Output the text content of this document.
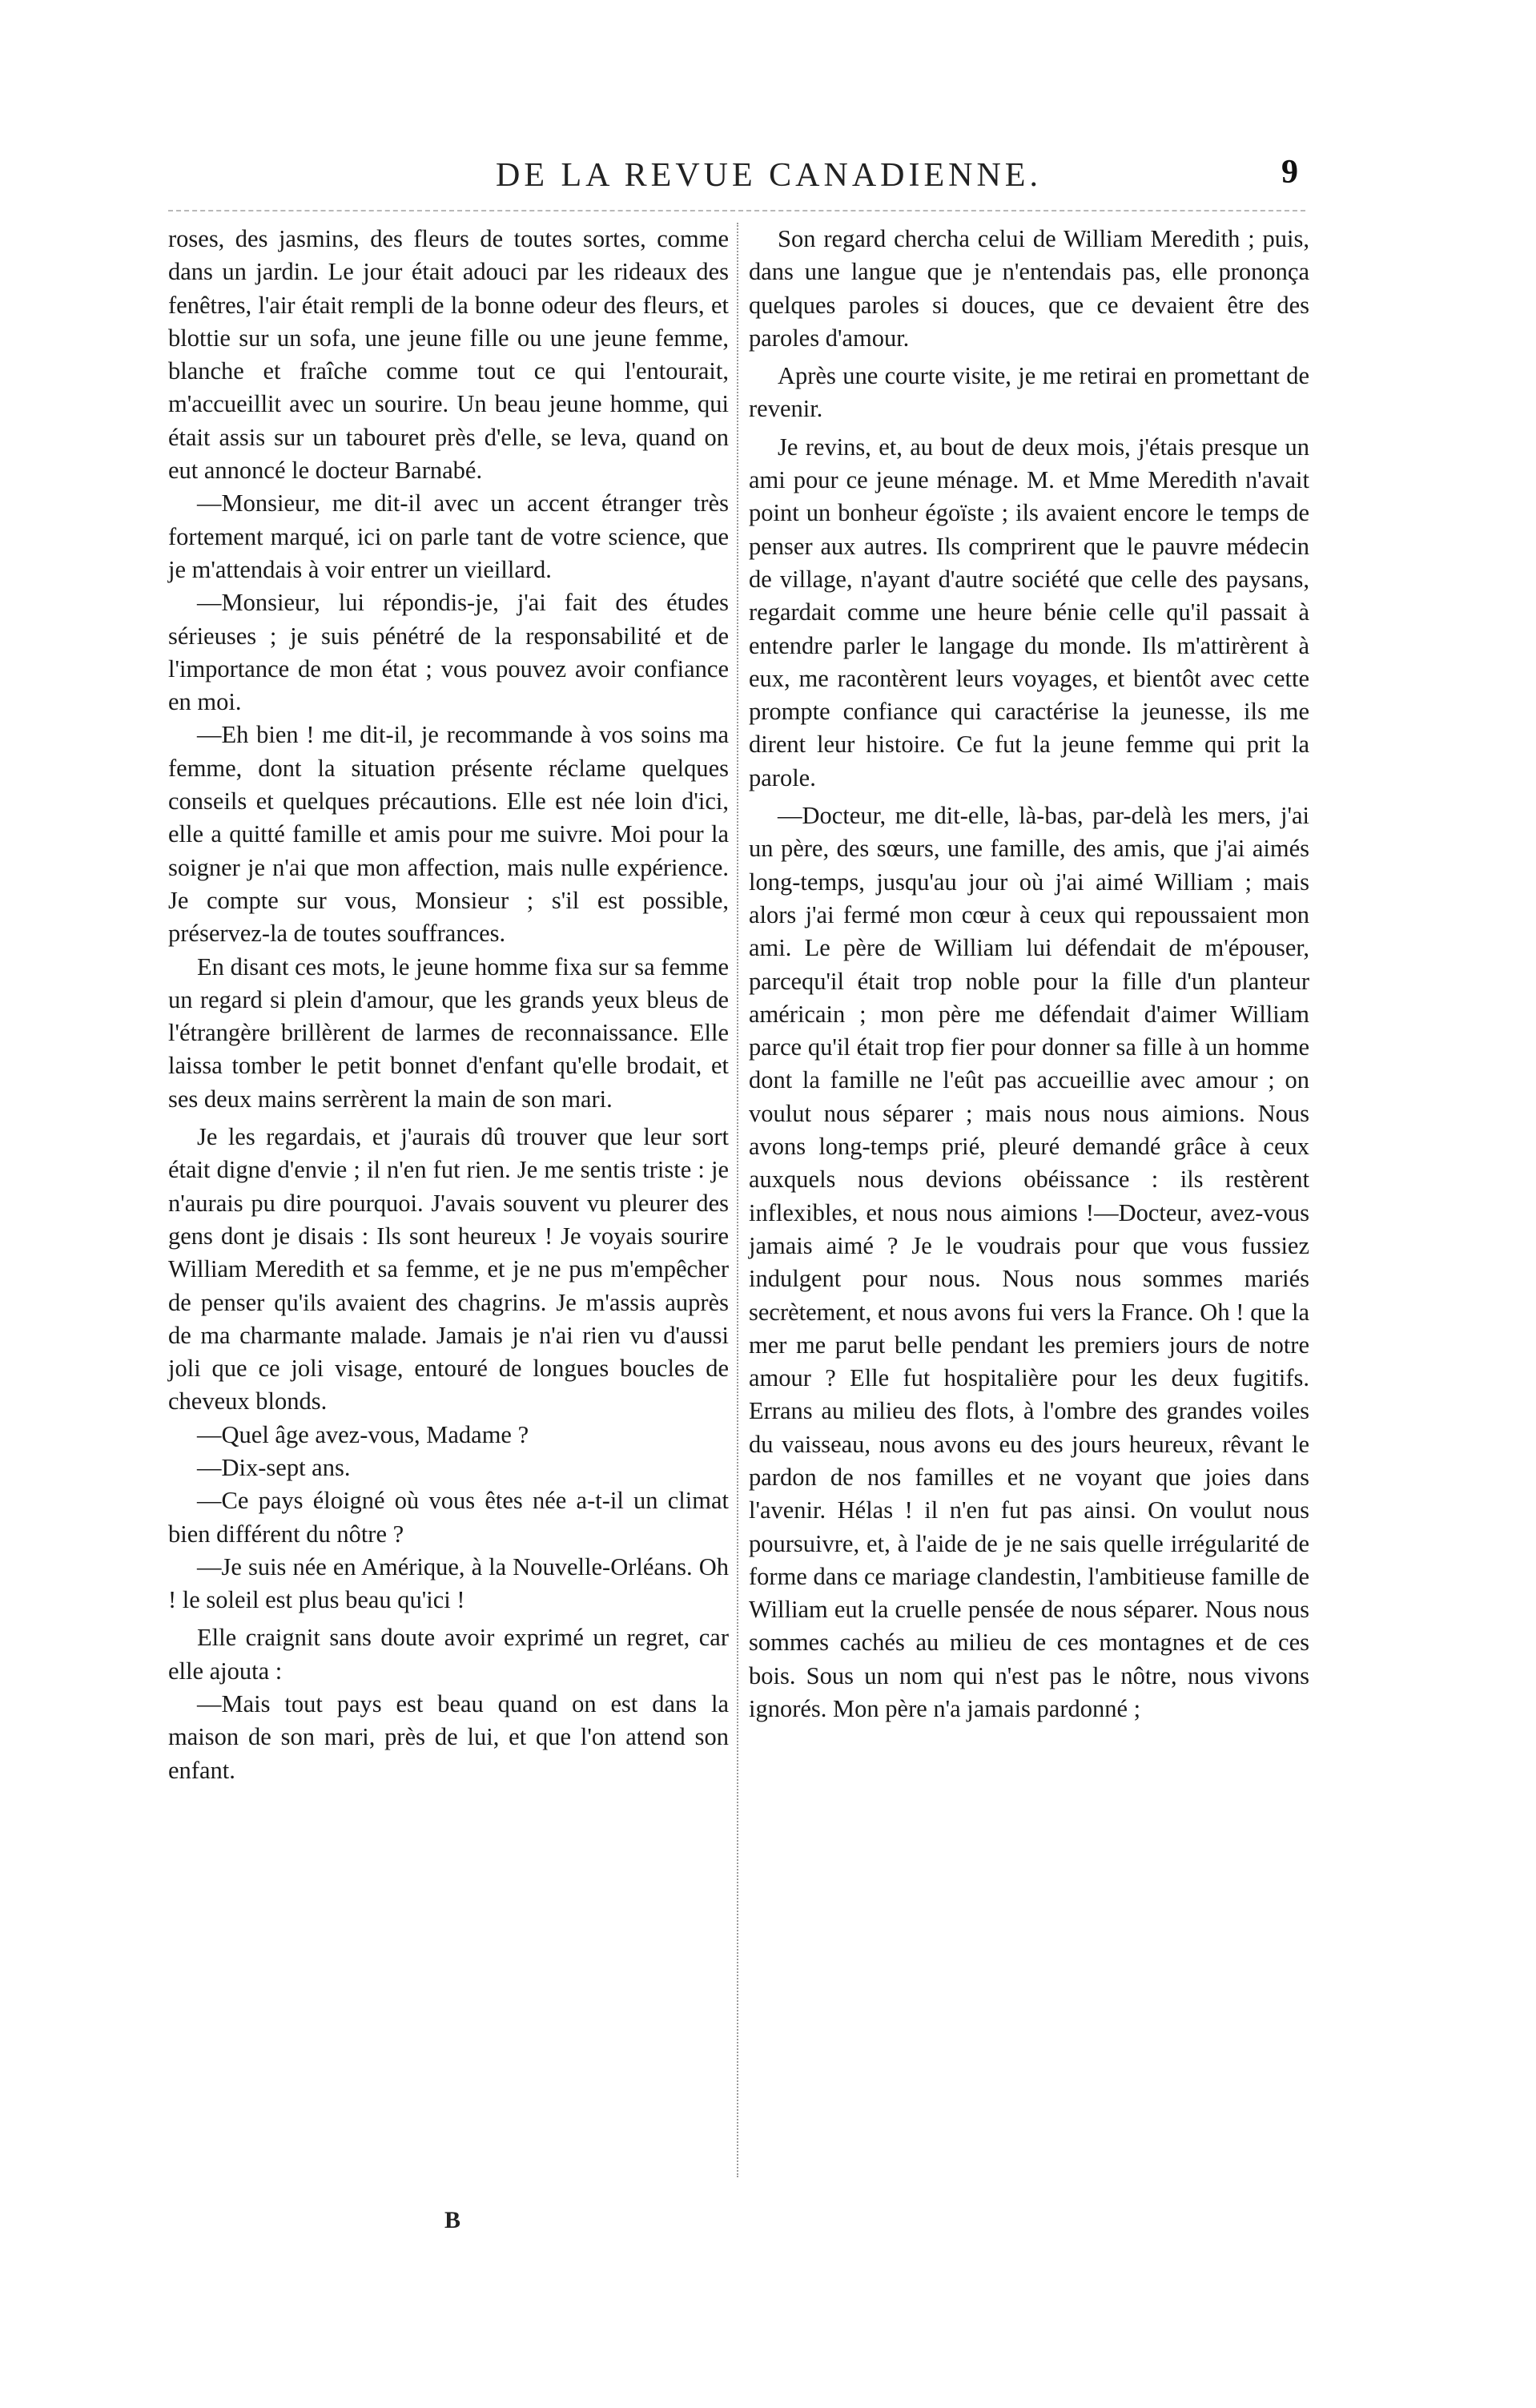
DE LA REVUE CANADIENNE.	9

roses, des jasmins, des fleurs de toutes sortes, comme dans un jardin. Le jour était adouci par les rideaux des fenêtres, l'air était rempli de la bonne odeur des fleurs, et blottie sur un sofa, une jeune fille ou une jeune femme, blanche et fraîche comme tout ce qui l'entourait, m'accueillit avec un sourire. Un beau jeune homme, qui était assis sur un tabouret près d'elle, se leva, quand on eut annoncé le docteur Barnabé.

—Monsieur, me dit-il avec un accent étranger très fortement marqué, ici on parle tant de votre science, que je m'attendais à voir entrer un vieillard.

—Monsieur, lui répondis-je, j'ai fait des études sérieuses ; je suis pénétré de la responsabilité et de l'importance de mon état ; vous pouvez avoir confiance en moi.

—Eh bien ! me dit-il, je recommande à vos soins ma femme, dont la situation présente réclame quelques conseils et quelques précautions. Elle est née loin d'ici, elle a quitté famille et amis pour me suivre. Moi pour la soigner je n'ai que mon affection, mais nulle expérience. Je compte sur vous, Monsieur ; s'il est possible, préservez-la de toutes souffrances.

En disant ces mots, le jeune homme fixa sur sa femme un regard si plein d'amour, que les grands yeux bleus de l'étrangère brillèrent de larmes de reconnaissance. Elle laissa tomber le petit bonnet d'enfant qu'elle brodait, et ses deux mains serrèrent la main de son mari.

Je les regardais, et j'aurais dû trouver que leur sort était digne d'envie ; il n'en fut rien. Je me sentis triste : je n'aurais pu dire pourquoi. J'avais souvent vu pleurer des gens dont je disais : Ils sont heureux ! Je voyais sourire William Meredith et sa femme, et je ne pus m'empêcher de penser qu'ils avaient des chagrins. Je m'assis auprès de ma charmante malade. Jamais je n'ai rien vu d'aussi joli que ce joli visage, entouré de longues boucles de cheveux blonds.

—Quel âge avez-vous, Madame ?

—Dix-sept ans.

—Ce pays éloigné où vous êtes née a-t-il un climat bien différent du nôtre ?

—Je suis née en Amérique, à la Nouvelle-Orléans. Oh ! le soleil est plus beau qu'ici !

Elle craignit sans doute avoir exprimé un regret, car elle ajouta :

—Mais tout pays est beau quand on est dans la maison de son mari, près de lui, et que l'on attend son enfant.

Son regard chercha celui de William Meredith ; puis, dans une langue que je n'entendais pas, elle prononça quelques paroles si douces, que ce devaient être des paroles d'amour.

Après une courte visite, je me retirai en promettant de revenir.

Je revins, et, au bout de deux mois, j'étais presque un ami pour ce jeune ménage. M. et Mme Meredith n'avait point un bonheur égoïste ; ils avaient encore le temps de penser aux autres. Ils comprirent que le pauvre médecin de village, n'ayant d'autre société que celle des paysans, regardait comme une heure bénie celle qu'il passait à entendre parler le langage du monde. Ils m'attirèrent à eux, me racontèrent leurs voyages, et bientôt avec cette prompte confiance qui caractérise la jeunesse, ils me dirent leur histoire. Ce fut la jeune femme qui prit la parole.

—Docteur, me dit-elle, là-bas, par-delà les mers, j'ai un père, des sœurs, une famille, des amis, que j'ai aimés long-temps, jusqu'au jour où j'ai aimé William ; mais alors j'ai fermé mon cœur à ceux qui repoussaient mon ami. Le père de William lui défendait de m'épouser, parcequ'il était trop noble pour la fille d'un planteur américain ; mon père me défendait d'aimer William parce qu'il était trop fier pour donner sa fille à un homme dont la famille ne l'eût pas accueillie avec amour ; on voulut nous séparer ; mais nous nous aimions. Nous avons long-temps prié, pleuré demandé grâce à ceux auxquels nous devions obéissance : ils restèrent inflexibles, et nous nous aimions !—Docteur, avez-vous jamais aimé ? Je le voudrais pour que vous fussiez indulgent pour nous. Nous nous sommes mariés secrètement, et nous avons fui vers la France. Oh ! que la mer me parut belle pendant les premiers jours de notre amour ? Elle fut hospitalière pour les deux fugitifs. Errans au milieu des flots, à l'ombre des grandes voiles du vaisseau, nous avons eu des jours heureux, rêvant le pardon de nos familles et ne voyant que joies dans l'avenir. Hélas ! il n'en fut pas ainsi. On voulut nous poursuivre, et, à l'aide de je ne sais quelle irrégularité de forme dans ce mariage clandestin, l'ambitieuse famille de William eut la cruelle pensée de nous séparer. Nous nous sommes cachés au milieu de ces montagnes et de ces bois. Sous un nom qui n'est pas le nôtre, nous vivons ignorés. Mon père n'a jamais pardonné ;

B
